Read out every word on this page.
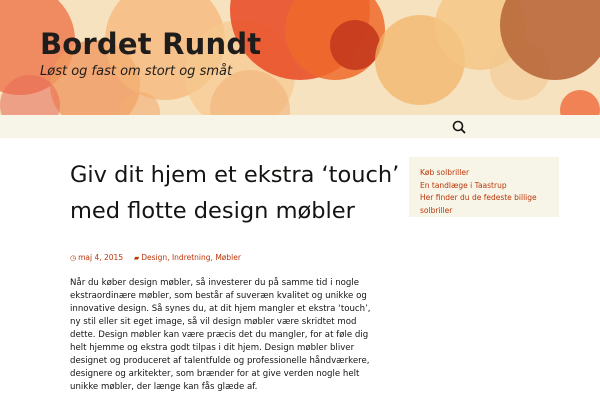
Bordet Rundt
Løst og fast om stort og småt
Giv dit hjem et ekstra ‘touch’ med flotte design møbler
◷ maj 4, 2015 ▰ Design, Indretning, Møbler

Når du køber design møbler, så investerer du på samme tid i nogle ekstraordinære møbler, som består af suveræn kvalitet og unikke og innovative design. Så synes du, at dit hjem mangler et ekstra ‘touch’, ny stil eller sit eget image, så vil design møbler være skridtet mod dette. Design møbler kan være præcis det du mangler, for at føle dig helt hjemme og ekstra godt tilpas i dit hjem. Design møbler bliver designet og produceret af talentfulde og professionelle håndværkere, designere og arkitekter, som brænder for at give verden nogle helt unikke møbler, der længe kan fås glæde af.

Køb solbriller
En tandlæge i Taastrup
Her finder du de fedeste billige solbriller
